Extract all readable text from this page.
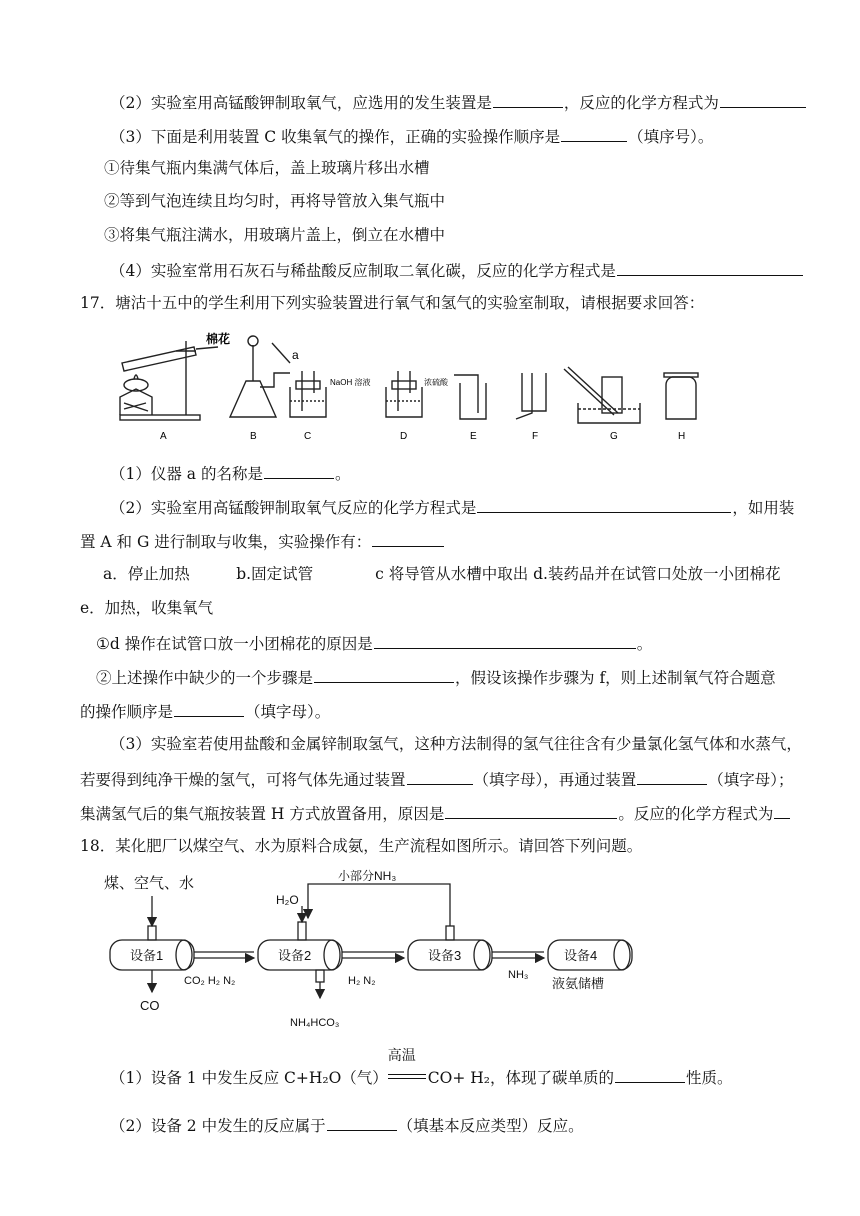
（2）实验室用高锰酸钾制取氧气，应选用的发生装置是	，反应的化学方程式为
（3）下面是利用装置 C 收集氧气的操作，正确的实验操作顺序是	（填序号）。
①待集气瓶内集满气体后，盖上玻璃片移出水槽
②等到气泡连续且均匀时，再将导管放入集气瓶中
③将集气瓶注满水，用玻璃片盖上，倒立在水槽中
（4）实验室常用石灰石与稀盐酸反应制取二氧化碳，反应的化学方程式是
17．塘沽十五中的学生利用下列实验装置进行氧气和氢气的实验室制取，请根据要求回答：
棉花
a
NaOH 溶液	浓硫酸
A	B	C	D	E	F	G	H
（1）仪器 a 的名称是	。
（2）实验室用高锰酸钾制取氧气反应的化学方程式是	，如用装
置 A 和 G 进行制取与收集，实验操作有：
a．停止加热　　　b.固定试管　　　　c 将导管从水槽中取出 d.装药品并在试管口处放一小团棉花
e．加热，收集氧气
①d 操作在试管口放一小团棉花的原因是	。
②上述操作中缺少的一个步骤是	，假设该操作步骤为 f，则上述制氧气符合题意
的操作顺序是	（填字母）。
（3）实验室若使用盐酸和金属锌制取氢气，这种方法制得的氢气往往含有少量氯化氢气体和水蒸气，
若要得到纯净干燥的氢气，可将气体先通过装置	（填字母），再通过装置	（填字母）；
集满氢气后的集气瓶按装置 H 方式放置备用，原因是	。反应的化学方程式为
18．某化肥厂以煤空气、水为原料合成氨，生产流程如图所示。请回答下列问题。
煤、空气、水
设备1	设备2	设备3	设备4
H₂O
小部分NH₃
CO
CO₂ H₂ N₂
NH₄HCO₃
H₂ N₂	NH₃
液氨储槽
（1）设备 1 中发生反应 C+H₂O（气）
高温
CO+ H₂，体现了碳单质的	性质。
（2）设备 2 中发生的反应属于	（填基本反应类型）反应。
